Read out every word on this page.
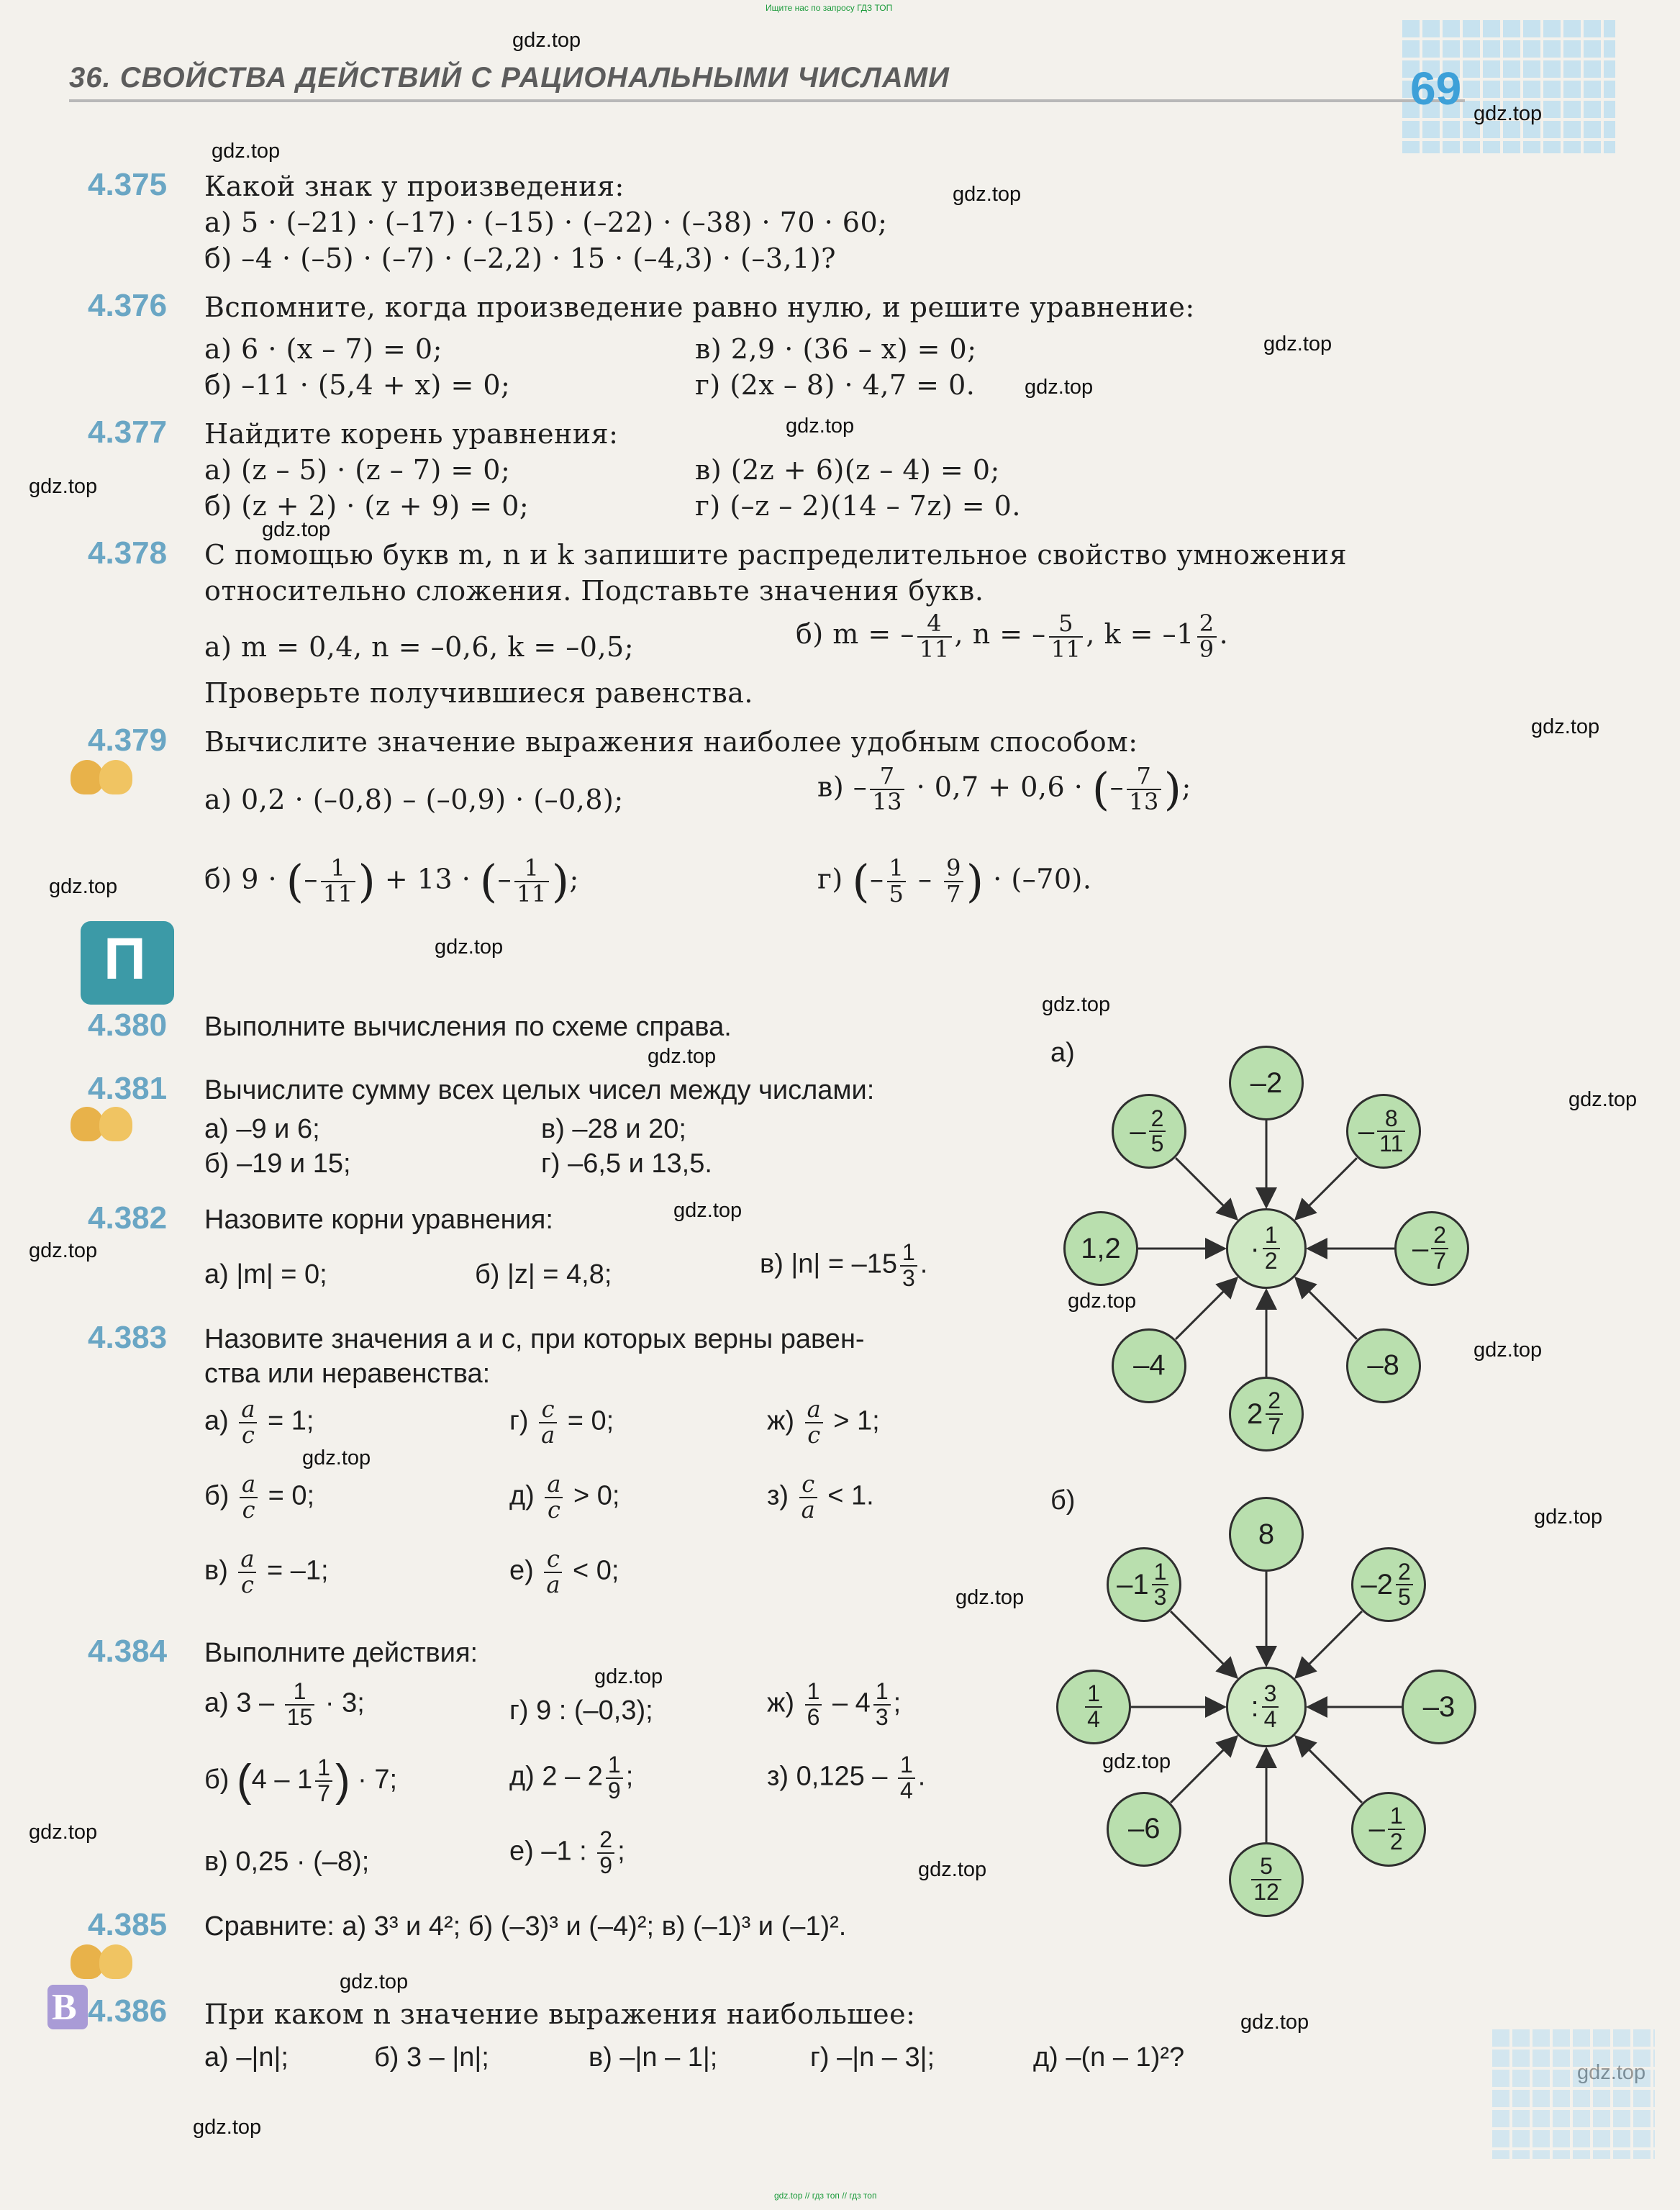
Ищите нас по запросу ГДЗ ТОП
36. СВОЙСТВА ДЕЙСТВИЙ С РАЦИОНАЛЬНЫМИ ЧИСЛАМИ	69
gdz.top
gdz.top
gdz.top
gdz.top
gdz.top
gdz.top
gdz.top
gdz.top
gdz.top
gdz.top
gdz.top
gdz.top
gdz.top
gdz.top
gdz.top
gdz.top
gdz.top
gdz.top
gdz.top
gdz.top
gdz.top
gdz.top
gdz.top
gdz.top
gdz.top
gdz.top
gdz.top
gdz.top
gdz.top
4.375 Какой знак у произведения:
а) 5 · (–21) · (–17) · (–15) · (–22) · (–38) · 70 · 60;
б) –4 · (–5) · (–7) · (–2,2) · 15 · (–4,3) · (–3,1)?
4.376 Вспомните, когда произведение равно нулю, и решите уравнение:
а) 6 · (x – 7) = 0;	в) 2,9 · (36 – x) = 0;
б) –11 · (5,4 + x) = 0;	г) (2x – 8) · 4,7 = 0.
4.377 Найдите корень уравнения:
а) (z – 5) · (z – 7) = 0;	в) (2z + 6)(z – 4) = 0;
б) (z + 2) · (z + 9) = 0;	г) (–z – 2)(14 – 7z) = 0.
4.378 С помощью букв m, n и k запишите распределительное свойство умножения
относительно сложения. Подставьте значения букв.
а) m = 0,4, n = –0,6, k = –0,5;	б) m = – $\frac{4}{11}$ , n = – $\frac{5}{11}$ , $k = -1 \frac{2}{9}$ .
Проверьте получившиеся равенства.
4.379 Вычислите значение выражения наиболее удобным способом:
а) 0,2 · (–0,8) – (–0,9) · (–0,8);	$в) - \frac{7}{13} \cdot 0,7 + 0,6$ · (– $\frac{7}{13}$ );
б) 9 · (– $\frac{1}{11}$ ) + 13 · (– $\frac{1}{11}$ );	г) (– $\frac{1}{5} - \frac{9}{7}$ ) · (–70).
П
4.380 Выполните вычисления по схеме справа.
4.381 Вычислите сумму всех целых чисел между числами:
а) –9 и 6;	в) –28 и 20;
б) –19 и 15;	г) –6,5 и 13,5.
4.382 Назовите корни уравнения:
а) |m| = 0;	б) |z| = 4,8;	в) $|n| = -15 \frac{1}{3}$ .
4.383 Назовите значения a и c, при которых верны равен-
ства или неравенства:
$а) \frac{a}{c} = 1$;	$г) \frac{c}{a} = 0$;	$ж) \frac{a}{c} > 1$;
$б) \frac{a}{c} = 0$;	$д) \frac{a}{c} > 0$;	$з) \frac{c}{a} < 1$.
$в) \frac{a}{c} = -1$;	$е) \frac{c}{a} < 0$;
4.384 Выполните действия:
а) $3 - \frac{1}{15} \cdot 3$;	г) 9 : (–0,3);	$ж) \frac{1}{6} - 4 \frac{1}{3}$ ;
б) ($4 - 1 \frac{1}{7}$ ) · 7;	д) $2 - 2 \frac{1}{9}$ ;	з) $0,125 - \frac{1}{4}$ .
в) 0,25 · (–8);	е) –1 : $\frac{2}{9}$ ;
4.385 Сравните: а) 3³ и 4²; б) (–3)³ и (–4)²; в) (–1)³ и (–1)².
В 4.386 При каком n значение выражения наибольшее:
а) –|n|;	б) 3 – |n|;	в) –|n – 1|;	г) –|n – 3|;	д) –(n – 1)²?
а)
б)
–2
– $\frac{8}{11}$
– $\frac{2}{7}$
–8
$2 \frac{2}{7}$
–4
1,2
– $\frac{2}{5}$
· $\frac{1}{2}$
8
$-2 \frac{2}{5}$
–3
– $\frac{1}{2}$
$\frac{5}{12}$
–6
$\frac{1}{4}$
$-1 \frac{1}{3}$
: $\frac{3}{4}$
gdz.top // гдз топ // гдз топ
